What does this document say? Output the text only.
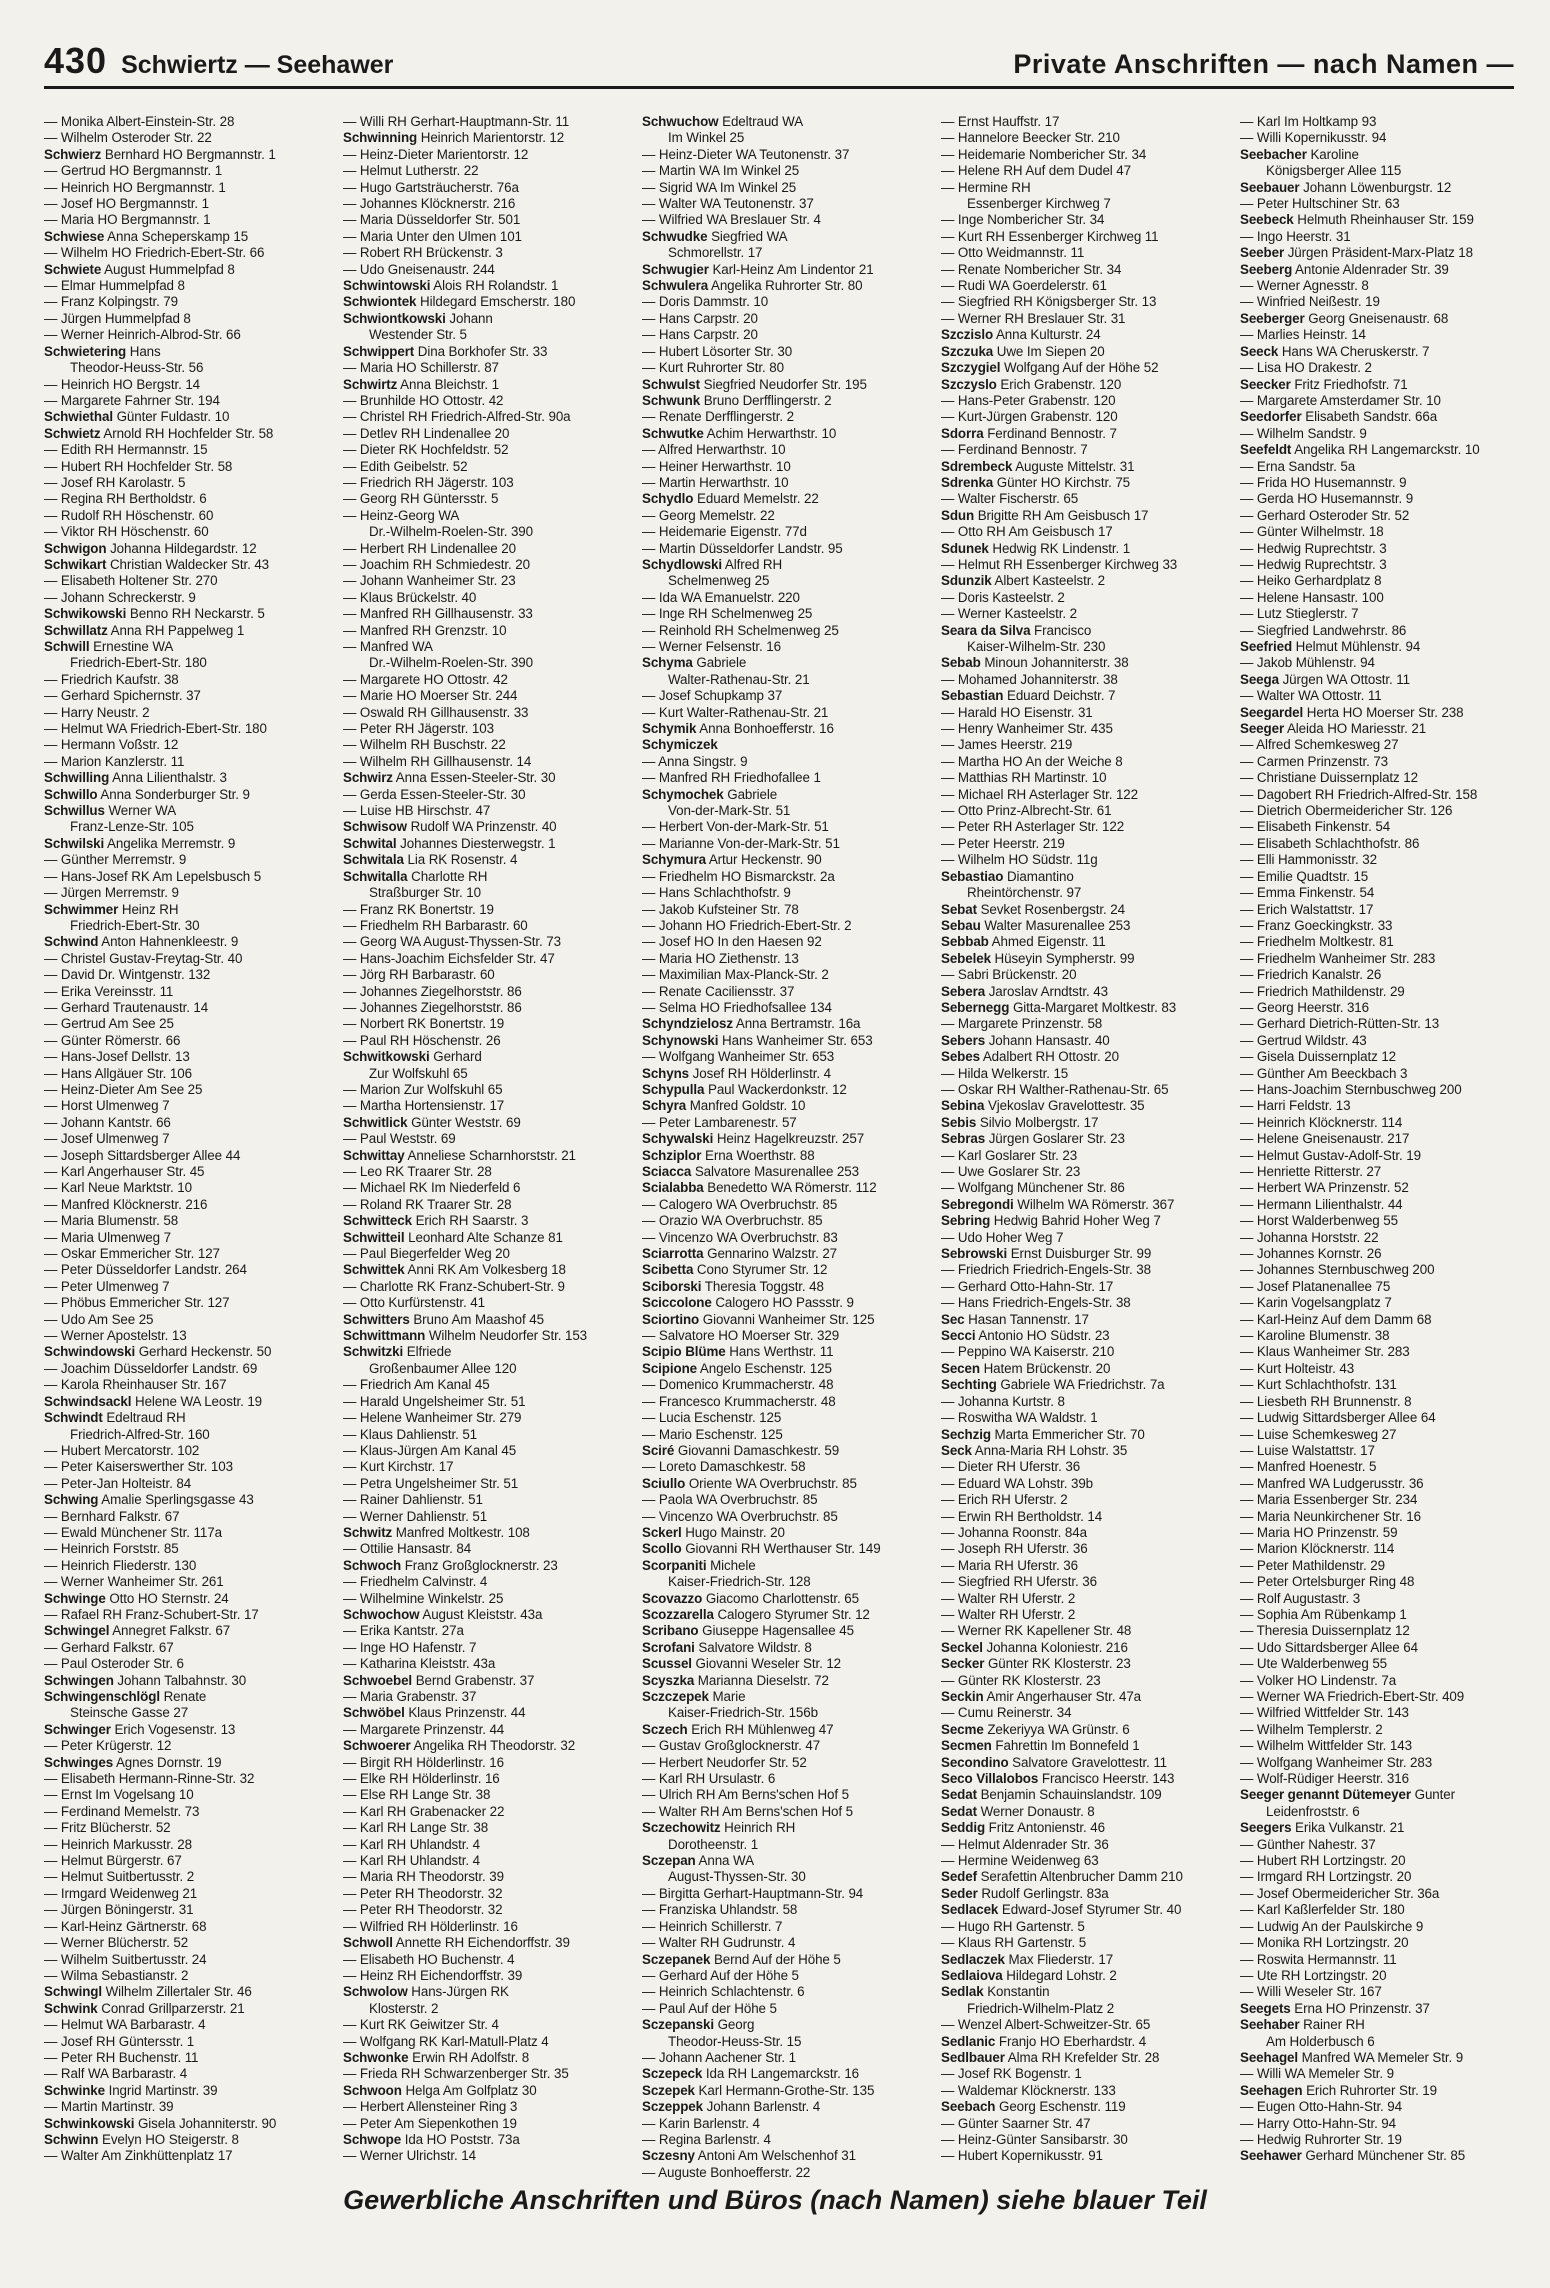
430 Schwiertz — Seehawer	Private Anschriften — nach Namen —
— Monika Albert-Einstein-Str. 28
— Wilhelm Osteroder Str. 22
Schwierz Bernhard HO Bergmannstr. 1
— Gertrud HO Bergmannstr. 1
— Heinrich HO Bergmannstr. 1
— Josef HO Bergmannstr. 1
— Maria HO Bergmannstr. 1
Schwiese Anna Scheperskamp 15
— Wilhelm HO Friedrich-Ebert-Str. 66
Schwiete August Hummelpfad 8
— Elmar Hummelpfad 8
— Franz Kolpingstr. 79
— Jürgen Hummelpfad 8
— Werner Heinrich-Albrod-Str. 66
Schwietering Hans
Theodor-Heuss-Str. 56
— Heinrich HO Bergstr. 14
— Margarete Fahrner Str. 194
Schwiethal Günter Fuldastr. 10
Schwietz Arnold RH Hochfelder Str. 58
— Edith RH Hermannstr. 15
— Hubert RH Hochfelder Str. 58
— Josef RH Karolastr. 5
— Regina RH Bertholdstr. 6
— Rudolf RH Höschenstr. 60
— Viktor RH Höschenstr. 60
Schwigon Johanna Hildegardstr. 12
Schwikart Christian Waldecker Str. 43
— Elisabeth Holtener Str. 270
— Johann Schreckerstr. 9
Schwikowski Benno RH Neckarstr. 5
Schwillatz Anna RH Pappelweg 1
Schwill Ernestine WA
Friedrich-Ebert-Str. 180
— Friedrich Kaufstr. 38
— Gerhard Spichernstr. 37
— Harry Neustr. 2
— Helmut WA Friedrich-Ebert-Str. 180
— Hermann Voßstr. 12
— Marion Kanzlerstr. 11
Schwilling Anna Lilienthalstr. 3
Schwillo Anna Sonderburger Str. 9
Schwillus Werner WA
Franz-Lenze-Str. 105
Schwilski Angelika Merremstr. 9
— Günther Merremstr. 9
— Hans-Josef RK Am Lepelsbusch 5
— Jürgen Merremstr. 9
Schwimmer Heinz RH
Friedrich-Ebert-Str. 30
Schwind Anton Hahnenkleestr. 9
— Christel Gustav-Freytag-Str. 40
— David Dr. Wintgenstr. 132
— Erika Vereinsstr. 11
— Gerhard Trautenaustr. 14
— Gertrud Am See 25
— Günter Römerstr. 66
— Hans-Josef Dellstr. 13
— Hans Allgäuer Str. 106
— Heinz-Dieter Am See 25
— Horst Ulmenweg 7
— Johann Kantstr. 66
— Josef Ulmenweg 7
— Joseph Sittardsberger Allee 44
— Karl Angerhauser Str. 45
— Karl Neue Marktstr. 10
— Manfred Klöcknerstr. 216
— Maria Blumenstr. 58
— Maria Ulmenweg 7
— Oskar Emmericher Str. 127
— Peter Düsseldorfer Landstr. 264
— Peter Ulmenweg 7
— Phöbus Emmericher Str. 127
— Udo Am See 25
— Werner Apostelstr. 13
Schwindowski Gerhard Heckenstr. 50
— Joachim Düsseldorfer Landstr. 69
— Karola Rheinhauser Str. 167
Schwindsackl Helene WA Leostr. 19
Schwindt Edeltraud RH
Friedrich-Alfred-Str. 160
— Hubert Mercatorstr. 102
— Peter Kaiserswerther Str. 103
— Peter-Jan Holteistr. 84
Schwing Amalie Sperlingsgasse 43
— Bernhard Falkstr. 67
— Ewald Münchener Str. 117a
— Heinrich Forststr. 85
— Heinrich Fliederstr. 130
— Werner Wanheimer Str. 261
Schwinge Otto HO Sternstr. 24
— Rafael RH Franz-Schubert-Str. 17
Schwingel Annegret Falkstr. 67
— Gerhard Falkstr. 67
— Paul Osteroder Str. 6
Schwingen Johann Talbahnstr. 30
Schwingenschlögl Renate
Steinsche Gasse 27
Schwinger Erich Vogesenstr. 13
— Peter Krügerstr. 12
Schwinges Agnes Dornstr. 19
— Elisabeth Hermann-Rinne-Str. 32
— Ernst Im Vogelsang 10
— Ferdinand Memelstr. 73
— Fritz Blücherstr. 52
— Heinrich Markusstr. 28
— Helmut Bürgerstr. 67
— Helmut Suitbertusstr. 2
— Irmgard Weidenweg 21
— Jürgen Böningerstr. 31
— Karl-Heinz Gärtnerstr. 68
— Werner Blücherstr. 52
— Wilhelm Suitbertusstr. 24
— Wilma Sebastianstr. 2
Schwingl Wilhelm Zillertaler Str. 46
Schwink Conrad Grillparzerstr. 21
— Helmut WA Barbarastr. 4
— Josef RH Güntersstr. 1
— Peter RH Buchenstr. 11
— Ralf WA Barbarastr. 4
Schwinke Ingrid Martinstr. 39
— Martin Martinstr. 39
Schwinkowski Gisela Johanniterstr. 90
Schwinn Evelyn HO Steigerstr. 8
— Walter Am Zinkhüttenplatz 17
— Willi RH Gerhart-Hauptmann-Str. 11
Schwinning Heinrich Marientorstr. 12
— Heinz-Dieter Marientorstr. 12
— Helmut Lutherstr. 22
— Hugo Gartsträucherstr. 76a
— Johannes Klöcknerstr. 216
— Maria Düsseldorfer Str. 501
— Maria Unter den Ulmen 101
— Robert RH Brückenstr. 3
— Udo Gneisenaustr. 244
Schwintowski Alois RH Rolandstr. 1
Schwiontek Hildegard Emscherstr. 180
Schwiontkowski Johann
Westender Str. 5
Schwippert Dina Borkhofer Str. 33
— Maria HO Schillerstr. 87
Schwirtz Anna Bleichstr. 1
— Brunhilde HO Ottostr. 42
— Christel RH Friedrich-Alfred-Str. 90a
— Detlev RH Lindenallee 20
— Dieter RK Hochfeldstr. 52
— Edith Geibelstr. 52
— Friedrich RH Jägerstr. 103
— Georg RH Güntersstr. 5
— Heinz-Georg WA
Dr.-Wilhelm-Roelen-Str. 390
— Herbert RH Lindenallee 20
— Joachim RH Schmiedestr. 20
— Johann Wanheimer Str. 23
— Klaus Brückelstr. 40
— Manfred RH Gillhausenstr. 33
— Manfred RH Grenzstr. 10
— Manfred WA
Dr.-Wilhelm-Roelen-Str. 390
— Margarete HO Ottostr. 42
— Marie HO Moerser Str. 244
— Oswald RH Gillhausenstr. 33
— Peter RH Jägerstr. 103
— Wilhelm RH Buschstr. 22
— Wilhelm RH Gillhausenstr. 14
Schwirz Anna Essen-Steeler-Str. 30
— Gerda Essen-Steeler-Str. 30
— Luise HB Hirschstr. 47
Schwisow Rudolf WA Prinzenstr. 40
Schwital Johannes Diesterwegstr. 1
Schwitala Lia RK Rosenstr. 4
Schwitalla Charlotte RH
Straßburger Str. 10
— Franz RK Bonertstr. 19
— Friedhelm RH Barbarastr. 60
— Georg WA August-Thyssen-Str. 73
— Hans-Joachim Eichsfelder Str. 47
— Jörg RH Barbarastr. 60
— Johannes Ziegelhorststr. 86
— Johannes Ziegelhorststr. 86
— Norbert RK Bonertstr. 19
— Paul RH Höschenstr. 26
Schwitkowski Gerhard
Zur Wolfskuhl 65
— Marion Zur Wolfskuhl 65
— Martha Hortensienstr. 17
Schwitlick Günter Weststr. 69
— Paul Weststr. 69
Schwittay Anneliese Scharnhorststr. 21
— Leo RK Traarer Str. 28
— Michael RK Im Niederfeld 6
— Roland RK Traarer Str. 28
Schwitteck Erich RH Saarstr. 3
Schwitteil Leonhard Alte Schanze 81
— Paul Biegerfelder Weg 20
Schwittek Anni RK Am Volkesberg 18
— Charlotte RK Franz-Schubert-Str. 9
— Otto Kurfürstenstr. 41
Schwitters Bruno Am Maashof 45
Schwittmann Wilhelm Neudorfer Str. 153
Schwitzki Elfriede
Großenbaumer Allee 120
— Friedrich Am Kanal 45
— Harald Ungelsheimer Str. 51
— Helene Wanheimer Str. 279
— Klaus Dahlienstr. 51
— Klaus-Jürgen Am Kanal 45
— Kurt Kirchstr. 17
— Petra Ungelsheimer Str. 51
— Rainer Dahlienstr. 51
— Werner Dahlienstr. 51
Schwitz Manfred Moltkestr. 108
— Ottilie Hansastr. 84
Schwoch Franz Großglocknerstr. 23
— Friedhelm Calvinstr. 4
— Wilhelmine Winkelstr. 25
Schwochow August Kleiststr. 43a
— Erika Kantstr. 27a
— Inge HO Hafenstr. 7
— Katharina Kleiststr. 43a
Schwoebel Bernd Grabenstr. 37
— Maria Grabenstr. 37
Schwöbel Klaus Prinzenstr. 44
— Margarete Prinzenstr. 44
Schwoerer Angelika RH Theodorstr. 32
— Birgit RH Hölderlinstr. 16
— Elke RH Hölderlinstr. 16
— Else RH Lange Str. 38
— Karl RH Grabenacker 22
— Karl RH Lange Str. 38
— Karl RH Uhlandstr. 4
— Karl RH Uhlandstr. 4
— Maria RH Theodorstr. 39
— Peter RH Theodorstr. 32
— Peter RH Theodorstr. 32
— Wilfried RH Hölderlinstr. 16
Schwoll Annette RH Eichendorffstr. 39
— Elisabeth HO Buchenstr. 4
— Heinz RH Eichendorffstr. 39
Schwolow Hans-Jürgen RK
Klosterstr. 2
— Kurt RK Geiwitzer Str. 4
— Wolfgang RK Karl-Matull-Platz 4
Schwonke Erwin RH Adolfstr. 8
— Frieda RH Schwarzenberger Str. 35
Schwoon Helga Am Golfplatz 30
— Herbert Allensteiner Ring 3
— Peter Am Siepenkothen 19
Schwope Ida HO Poststr. 73a
— Werner Ulrichstr. 14
Schwuchow Edeltraud WA
Im Winkel 25
— Heinz-Dieter WA Teutonenstr. 37
— Martin WA Im Winkel 25
— Sigrid WA Im Winkel 25
— Walter WA Teutonenstr. 37
— Wilfried WA Breslauer Str. 4
Schwudke Siegfried WA
Schmorellstr. 17
Schwugier Karl-Heinz Am Lindentor 21
Schwulera Angelika Ruhrorter Str. 80
— Doris Dammstr. 10
— Hans Carpstr. 20
— Hans Carpstr. 20
— Hubert Lösorter Str. 30
— Kurt Ruhrorter Str. 80
Schwulst Siegfried Neudorfer Str. 195
Schwunk Bruno Derfflingerstr. 2
— Renate Derfflingerstr. 2
Schwutke Achim Herwarthstr. 10
— Alfred Herwarthstr. 10
— Heiner Herwarthstr. 10
— Martin Herwarthstr. 10
Schydlo Eduard Memelstr. 22
— Georg Memelstr. 22
— Heidemarie Eigenstr. 77d
— Martin Düsseldorfer Landstr. 95
Schydlowski Alfred RH
Schelmenweg 25
— Ida WA Emanuelstr. 220
— Inge RH Schelmenweg 25
— Reinhold RH Schelmenweg 25
— Werner Felsenstr. 16
Schyma Gabriele
Walter-Rathenau-Str. 21
— Josef Schupkamp 37
— Kurt Walter-Rathenau-Str. 21
Schymik Anna Bonhoefferstr. 16
Schymiczek
— Anna Singstr. 9
— Manfred RH Friedhofallee 1
Schymochek Gabriele
Von-der-Mark-Str. 51
— Herbert Von-der-Mark-Str. 51
— Marianne Von-der-Mark-Str. 51
Schymura Artur Heckenstr. 90
— Friedhelm HO Bismarckstr. 2a
— Hans Schlachthofstr. 9
— Jakob Kufsteiner Str. 78
— Johann HO Friedrich-Ebert-Str. 2
— Josef HO In den Haesen 92
— Maria HO Ziethenstr. 13
— Maximilian Max-Planck-Str. 2
— Renate Caciliensstr. 37
— Selma HO Friedhofsallee 134
Schyndzielosz Anna Bertramstr. 16a
Schynowski Hans Wanheimer Str. 653
— Wolfgang Wanheimer Str. 653
Schyns Josef RH Hölderlinstr. 4
Schypulla Paul Wackerdonkstr. 12
Schyra Manfred Goldstr. 10
— Peter Lambarenestr. 57
Schywalski Heinz Hagelkreuzstr. 257
Schziplor Erna Woerthstr. 88
Sciacca Salvatore Masurenallee 253
Scialabba Benedetto WA Römerstr. 112
— Calogero WA Overbruchstr. 85
— Orazio WA Overbruchstr. 85
— Vincenzo WA Overbruchstr. 83
Sciarrotta Gennarino Walzstr. 27
Scibetta Cono Styrumer Str. 12
Sciborski Theresia Toggstr. 48
Sciccolone Calogero HO Passstr. 9
Sciortino Giovanni Wanheimer Str. 125
— Salvatore HO Moerser Str. 329
Scipio Blüme Hans Werthstr. 11
Scipione Angelo Eschenstr. 125
— Domenico Krummacherstr. 48
— Francesco Krummacherstr. 48
— Lucia Eschenstr. 125
— Mario Eschenstr. 125
Sciré Giovanni Damaschkestr. 59
— Loreto Damaschkestr. 58
Sciullo Oriente WA Overbruchstr. 85
— Paola WA Overbruchstr. 85
— Vincenzo WA Overbruchstr. 85
Sckerl Hugo Mainstr. 20
Scollo Giovanni RH Werthauser Str. 149
Scorpaniti Michele
Kaiser-Friedrich-Str. 128
Scovazzo Giacomo Charlottenstr. 65
Scozzarella Calogero Styrumer Str. 12
Scribano Giuseppe Hagensallee 45
Scrofani Salvatore Wildstr. 8
Scussel Giovanni Weseler Str. 12
Scyszka Marianna Dieselstr. 72
Sczczepek Marie
Kaiser-Friedrich-Str. 156b
Sczech Erich RH Mühlenweg 47
— Gustav Großglocknerstr. 47
— Herbert Neudorfer Str. 52
— Karl RH Ursulastr. 6
— Ulrich RH Am Berns'schen Hof 5
— Walter RH Am Berns'schen Hof 5
Sczechowitz Heinrich RH
Dorotheenstr. 1
Sczepan Anna WA
August-Thyssen-Str. 30
— Birgitta Gerhart-Hauptmann-Str. 94
— Franziska Uhlandstr. 58
— Heinrich Schillerstr. 7
— Walter RH Gudrunstr. 4
Sczepanek Bernd Auf der Höhe 5
— Gerhard Auf der Höhe 5
— Heinrich Schlachtenstr. 6
— Paul Auf der Höhe 5
Sczepanski Georg
Theodor-Heuss-Str. 15
— Johann Aachener Str. 1
Sczepeck Ida RH Langemarckstr. 16
Sczepek Karl Hermann-Grothe-Str. 135
Sczeppek Johann Barlenstr. 4
— Karin Barlenstr. 4
— Regina Barlenstr. 4
Sczesny Antoni Am Welschenhof 31
— Auguste Bonhoefferstr. 22
— Ernst Hauffstr. 17
— Hannelore Beecker Str. 210
— Heidemarie Nombericher Str. 34
— Helene RH Auf dem Dudel 47
— Hermine RH
Essenberger Kirchweg 7
— Inge Nombericher Str. 34
— Kurt RH Essenberger Kirchweg 11
— Otto Weidmannstr. 11
— Renate Nombericher Str. 34
— Rudi WA Goerdelerstr. 61
— Siegfried RH Königsberger Str. 13
— Werner RH Breslauer Str. 31
Szczislo Anna Kulturstr. 24
Szczuka Uwe Im Siepen 20
Szczygiel Wolfgang Auf der Höhe 52
Szczyslo Erich Grabenstr. 120
— Hans-Peter Grabenstr. 120
— Kurt-Jürgen Grabenstr. 120
Sdorra Ferdinand Bennostr. 7
— Ferdinand Bennostr. 7
Sdrembeck Auguste Mittelstr. 31
Sdrenka Günter HO Kirchstr. 75
— Walter Fischerstr. 65
Sdun Brigitte RH Am Geisbusch 17
— Otto RH Am Geisbusch 17
Sdunek Hedwig RK Lindenstr. 1
— Helmut RH Essenberger Kirchweg 33
Sdunzik Albert Kasteelstr. 2
— Doris Kasteelstr. 2
— Werner Kasteelstr. 2
Seara da Silva Francisco
Kaiser-Wilhelm-Str. 230
Sebab Minoun Johanniterstr. 38
— Mohamed Johanniterstr. 38
Sebastian Eduard Deichstr. 7
— Harald HO Eisenstr. 31
— Henry Wanheimer Str. 435
— James Heerstr. 219
— Martha HO An der Weiche 8
— Matthias RH Martinstr. 10
— Michael RH Asterlager Str. 122
— Otto Prinz-Albrecht-Str. 61
— Peter RH Asterlager Str. 122
— Peter Heerstr. 219
— Wilhelm HO Südstr. 11g
Sebastiao Diamantino
Rheintörchenstr. 97
Sebat Sevket Rosenbergstr. 24
Sebau Walter Masurenallee 253
Sebbab Ahmed Eigenstr. 11
Sebelek Hüseyin Sympherstr. 99
— Sabri Brückenstr. 20
Sebera Jaroslav Arndtstr. 43
Sebernegg Gitta-Margaret Moltkestr. 83
— Margarete Prinzenstr. 58
Sebers Johann Hansastr. 40
Sebes Adalbert RH Ottostr. 20
— Hilda Welkerstr. 15
— Oskar RH Walther-Rathenau-Str. 65
Sebina Vjekoslav Gravelottestr. 35
Sebis Silvio Molbergstr. 17
Sebras Jürgen Goslarer Str. 23
— Karl Goslarer Str. 23
— Uwe Goslarer Str. 23
— Wolfgang Münchener Str. 86
Sebregondi Wilhelm WA Römerstr. 367
Sebring Hedwig Bahrid Hoher Weg 7
— Udo Hoher Weg 7
Sebrowski Ernst Duisburger Str. 99
— Friedrich Friedrich-Engels-Str. 38
— Gerhard Otto-Hahn-Str. 17
— Hans Friedrich-Engels-Str. 38
Sec Hasan Tannenstr. 17
Secci Antonio HO Südstr. 23
— Peppino WA Kaiserstr. 210
Secen Hatem Brückenstr. 20
Sechting Gabriele WA Friedrichstr. 7a
— Johanna Kurtstr. 8
— Roswitha WA Waldstr. 1
Sechzig Marta Emmericher Str. 70
Seck Anna-Maria RH Lohstr. 35
— Dieter RH Uferstr. 36
— Eduard WA Lohstr. 39b
— Erich RH Uferstr. 2
— Erwin RH Bertholdstr. 14
— Johanna Roonstr. 84a
— Joseph RH Uferstr. 36
— Maria RH Uferstr. 36
— Siegfried RH Uferstr. 36
— Walter RH Uferstr. 2
— Walter RH Uferstr. 2
— Werner RK Kapellener Str. 48
Seckel Johanna Koloniestr. 216
Secker Günter RK Klosterstr. 23
— Günter RK Klosterstr. 23
Seckin Amir Angerhauser Str. 47a
— Cumu Reinerstr. 34
Secme Zekeriyya WA Grünstr. 6
Secmen Fahrettin Im Bonnefeld 1
Secondino Salvatore Gravelottestr. 11
Seco Villalobos Francisco Heerstr. 143
Sedat Benjamin Schauinslandstr. 109
Sedat Werner Donaustr. 8
Seddig Fritz Antonienstr. 46
— Helmut Aldenrader Str. 36
— Hermine Weidenweg 63
Sedef Serafettin Altenbrucher Damm 210
Seder Rudolf Gerlingstr. 83a
Sedlacek Edward-Josef Styrumer Str. 40
— Hugo RH Gartenstr. 5
— Klaus RH Gartenstr. 5
Sedlaczek Max Fliederstr. 17
Sedlaiova Hildegard Lohstr. 2
Sedlak Konstantin
Friedrich-Wilhelm-Platz 2
— Wenzel Albert-Schweitzer-Str. 65
Sedlanic Franjo HO Eberhardstr. 4
Sedlbauer Alma RH Krefelder Str. 28
— Josef RK Bogenstr. 1
— Waldemar Klöcknerstr. 133
Seebach Georg Eschenstr. 119
— Günter Saarner Str. 47
— Heinz-Günter Sansibarstr. 30
— Hubert Kopernikusstr. 91
— Karl Im Holtkamp 93
— Willi Kopernikusstr. 94
Seebacher Karoline
Königsberger Allee 115
Seebauer Johann Löwenburgstr. 12
— Peter Hultschiner Str. 63
Seebeck Helmuth Rheinhauser Str. 159
— Ingo Heerstr. 31
Seeber Jürgen Präsident-Marx-Platz 18
Seeberg Antonie Aldenrader Str. 39
— Werner Agnesstr. 8
— Winfried Neißestr. 19
Seeberger Georg Gneisenaustr. 68
— Marlies Heinstr. 14
Seeck Hans WA Cheruskerstr. 7
— Lisa HO Drakestr. 2
Seecker Fritz Friedhofstr. 71
— Margarete Amsterdamer Str. 10
Seedorfer Elisabeth Sandstr. 66a
— Wilhelm Sandstr. 9
Seefeldt Angelika RH Langemarckstr. 10
— Erna Sandstr. 5a
— Frida HO Husemannstr. 9
— Gerda HO Husemannstr. 9
— Gerhard Osteroder Str. 52
— Günter Wilhelmstr. 18
— Hedwig Ruprechtstr. 3
— Hedwig Ruprechtstr. 3
— Heiko Gerhardplatz 8
— Helene Hansastr. 100
— Lutz Stieglerstr. 7
— Siegfried Landwehrstr. 86
Seefried Helmut Mühlenstr. 94
— Jakob Mühlenstr. 94
Seega Jürgen WA Ottostr. 11
— Walter WA Ottostr. 11
Seegardel Herta HO Moerser Str. 238
Seeger Aleida HO Mariesstr. 21
— Alfred Schemkesweg 27
— Carmen Prinzenstr. 73
— Christiane Duissernplatz 12
— Dagobert RH Friedrich-Alfred-Str. 158
— Dietrich Obermeidericher Str. 126
— Elisabeth Finkenstr. 54
— Elisabeth Schlachthofstr. 86
— Elli Hammonisstr. 32
— Emilie Quadtstr. 15
— Emma Finkenstr. 54
— Erich Walstattstr. 17
— Franz Goeckingkstr. 33
— Friedhelm Moltkestr. 81
— Friedhelm Wanheimer Str. 283
— Friedrich Kanalstr. 26
— Friedrich Mathildenstr. 29
— Georg Heerstr. 316
— Gerhard Dietrich-Rütten-Str. 13
— Gertrud Wildstr. 43
— Gisela Duissernplatz 12
— Günther Am Beeckbach 3
— Hans-Joachim Sternbuschweg 200
— Harri Feldstr. 13
— Heinrich Klöcknerstr. 114
— Helene Gneisenaustr. 217
— Helmut Gustav-Adolf-Str. 19
— Henriette Ritterstr. 27
— Herbert WA Prinzenstr. 52
— Hermann Lilienthalstr. 44
— Horst Walderbenweg 55
— Johanna Horststr. 22
— Johannes Kornstr. 26
— Johannes Sternbuschweg 200
— Josef Platanenallee 75
— Karin Vogelsangplatz 7
— Karl-Heinz Auf dem Damm 68
— Karoline Blumenstr. 38
— Klaus Wanheimer Str. 283
— Kurt Holteistr. 43
— Kurt Schlachthofstr. 131
— Liesbeth RH Brunnenstr. 8
— Ludwig Sittardsberger Allee 64
— Luise Schemkesweg 27
— Luise Walstattstr. 17
— Manfred Hoenestr. 5
— Manfred WA Ludgerusstr. 36
— Maria Essenberger Str. 234
— Maria Neunkirchener Str. 16
— Maria HO Prinzenstr. 59
— Marion Klöcknerstr. 114
— Peter Mathildenstr. 29
— Peter Ortelsburger Ring 48
— Rolf Augustastr. 3
— Sophia Am Rübenkamp 1
— Theresia Duissernplatz 12
— Udo Sittardsberger Allee 64
— Ute Walderbenweg 55
— Volker HO Lindenstr. 7a
— Werner WA Friedrich-Ebert-Str. 409
— Wilfried Wittfelder Str. 143
— Wilhelm Templerstr. 2
— Wilhelm Wittfelder Str. 143
— Wolfgang Wanheimer Str. 283
— Wolf-Rüdiger Heerstr. 316
Seeger genannt Dütemeyer Gunter
Leidenfroststr. 6
Seegers Erika Vulkanstr. 21
— Günther Nahestr. 37
— Hubert RH Lortzingstr. 20
— Irmgard RH Lortzingstr. 20
— Josef Obermeidericher Str. 36a
— Karl Kaßlerfelder Str. 180
— Ludwig An der Paulskirche 9
— Monika RH Lortzingstr. 20
— Roswita Hermannstr. 11
— Ute RH Lortzingstr. 20
— Willi Weseler Str. 167
Seegets Erna HO Prinzenstr. 37
Seehaber Rainer RH
Am Holderbusch 6
Seehagel Manfred WA Memeler Str. 9
— Willi WA Memeler Str. 9
Seehagen Erich Ruhrorter Str. 19
— Eugen Otto-Hahn-Str. 94
— Harry Otto-Hahn-Str. 94
— Hedwig Ruhrorter Str. 19
Seehawer Gerhard Münchener Str. 85
Gewerbliche Anschriften und Büros (nach Namen) siehe blauer Teil
